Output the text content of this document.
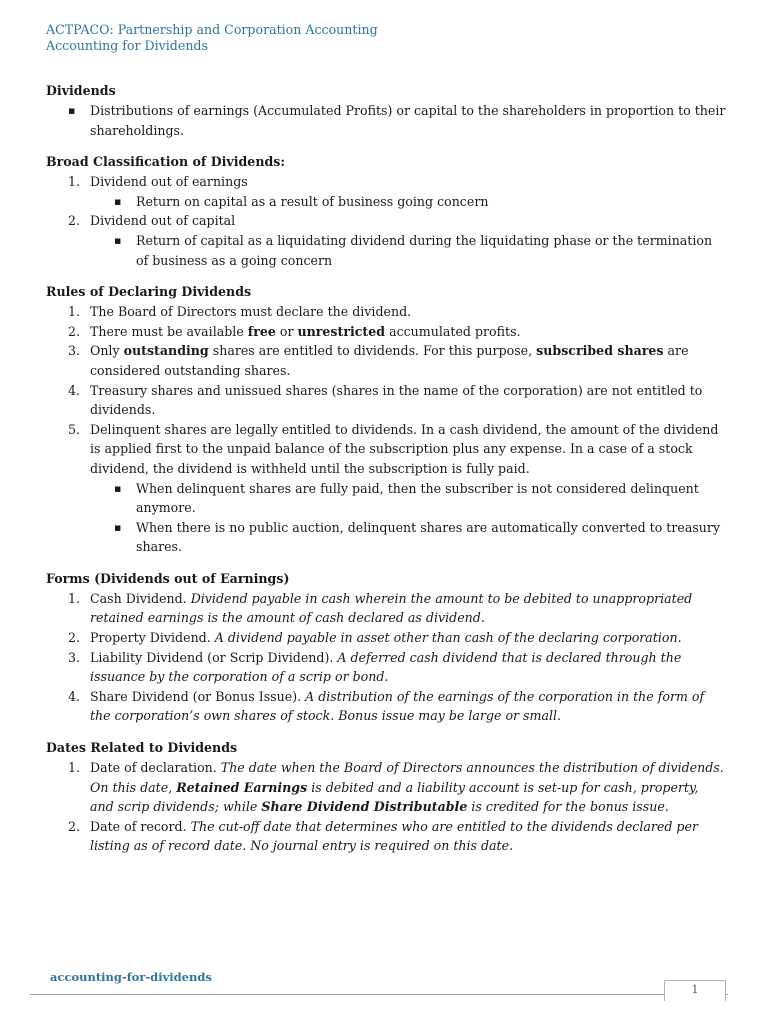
ACTPACO: Partnership and Corporation Accounting
Accounting for Dividends
Dividends
▪	Distributions of earnings (Accumulated Profits) or capital to the shareholders in proportion to their shareholdings.
Broad Classification of Dividends:
1. Dividend out of earnings
▪	Return on capital as a result of business going concern
2. Dividend out of capital
▪	Return of capital as a liquidating dividend during the liquidating phase or the termination of business as a going concern
Rules of Declaring Dividends
1. The Board of Directors must declare the dividend.
2. There must be available free or unrestricted accumulated profits.
3. Only outstanding shares are entitled to dividends. For this purpose, subscribed shares are considered outstanding shares.
4. Treasury shares and unissued shares (shares in the name of the corporation) are not entitled to dividends.
5. Delinquent shares are legally entitled to dividends. In a cash dividend, the amount of the dividend is applied first to the unpaid balance of the subscription plus any expense. In a case of a stock dividend, the dividend is withheld until the subscription is fully paid.
▪	When delinquent shares are fully paid, then the subscriber is not considered delinquent anymore.
▪	When there is no public auction, delinquent shares are automatically converted to treasury shares.
Forms (Dividends out of Earnings)
1. Cash Dividend. Dividend payable in cash wherein the amount to be debited to unappropriated retained earnings is the amount of cash declared as dividend.
2. Property Dividend. A dividend payable in asset other than cash of the declaring corporation.
3. Liability Dividend (or Scrip Dividend). A deferred cash dividend that is declared through the issuance by the corporation of a scrip or bond.
4. Share Dividend (or Bonus Issue). A distribution of the earnings of the corporation in the form of the corporation’s own shares of stock. Bonus issue may be large or small.
Dates Related to Dividends
1. Date of declaration. The date when the Board of Directors announces the distribution of dividends. On this date, Retained Earnings is debited and a liability account is set-up for cash, property, and scrip dividends; while Share Dividend Distributable is credited for the bonus issue.
2. Date of record. The cut-off date that determines who are entitled to the dividends declared per listing as of record date. No journal entry is required on this date.
accounting-for-dividends
1
